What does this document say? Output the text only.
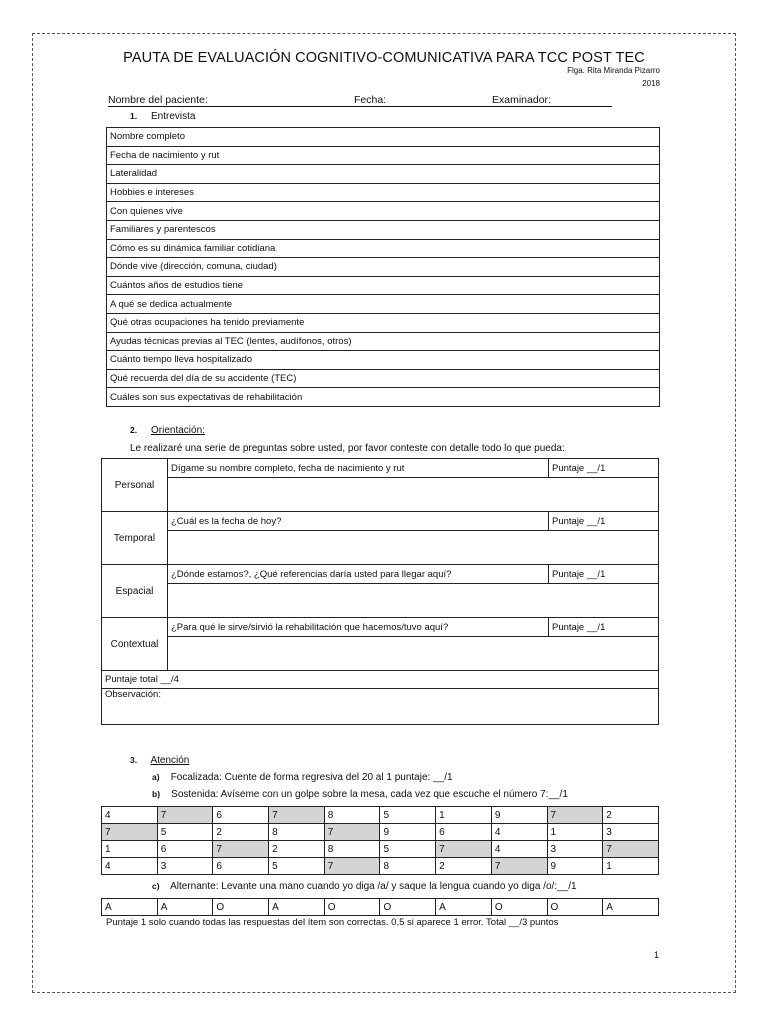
PAUTA DE EVALUACIÓN COGNITIVO-COMUNICATIVA PARA TCC POST TEC
Flga. Rita Miranda Pizarro
2018
Nombre del paciente:	Fecha:	Examinador:
1. Entrevista
Nombre completo
Fecha de nacimiento y rut
Lateralidad
Hobbies e intereses
Con quienes vive
Familiares y parentescos
Cómo es su dinámica familiar cotidiana
Dónde vive (dirección, comuna, ciudad)
Cuántos años de estudios tiene
A qué se dedica actualmente
Qué otras ocupaciones ha tenido previamente
Ayudas técnicas previas al TEC (lentes, audífonos, otros)
Cuánto tiempo lleva hospitalizado
Qué recuerda del día de su accidente (TEC)
Cuáles son sus expectativas de rehabilitación
2. Orientación:
Le realizaré una serie de preguntas sobre usted, por favor conteste con detalle todo lo que pueda:
Personal	Dígame su nombre completo, fecha de nacimiento y rut	Puntaje __/1

Temporal	¿Cuál es la fecha de hoy?	Puntaje __/1

Espacial	¿Dónde estamos?, ¿Qué referencias daría usted para llegar aquí?	Puntaje __/1

Contextual	¿Para qué le sirve/sirvió la rehabilitación que hacemos/tuvo aquí?	Puntaje __/1

Puntaje total __/4		
Observación:		
3. Atención
a) Focalizada: Cuente de forma regresiva del 20 al 1 puntaje: __/1
b) Sostenida: Avíseme con un golpe sobre la mesa, cada vez que escuche el número 7:__/1
4	7	6	7	8	5	1	9	7	2
7	5	2	8	7	9	6	4	1	3
1	6	7	2	8	5	7	4	3	7
4	3	6	5	7	8	2	7	9	1
c) Alternante: Levante una mano cuando yo diga /a/ y saque la lengua cuando yo diga /o/:__/1
A	A	O	A	O	O	A	O	O	A
Puntaje 1 solo cuando todas las respuestas del ítem son correctas. 0,5 si aparece 1 error. Total __/3 puntos
1
